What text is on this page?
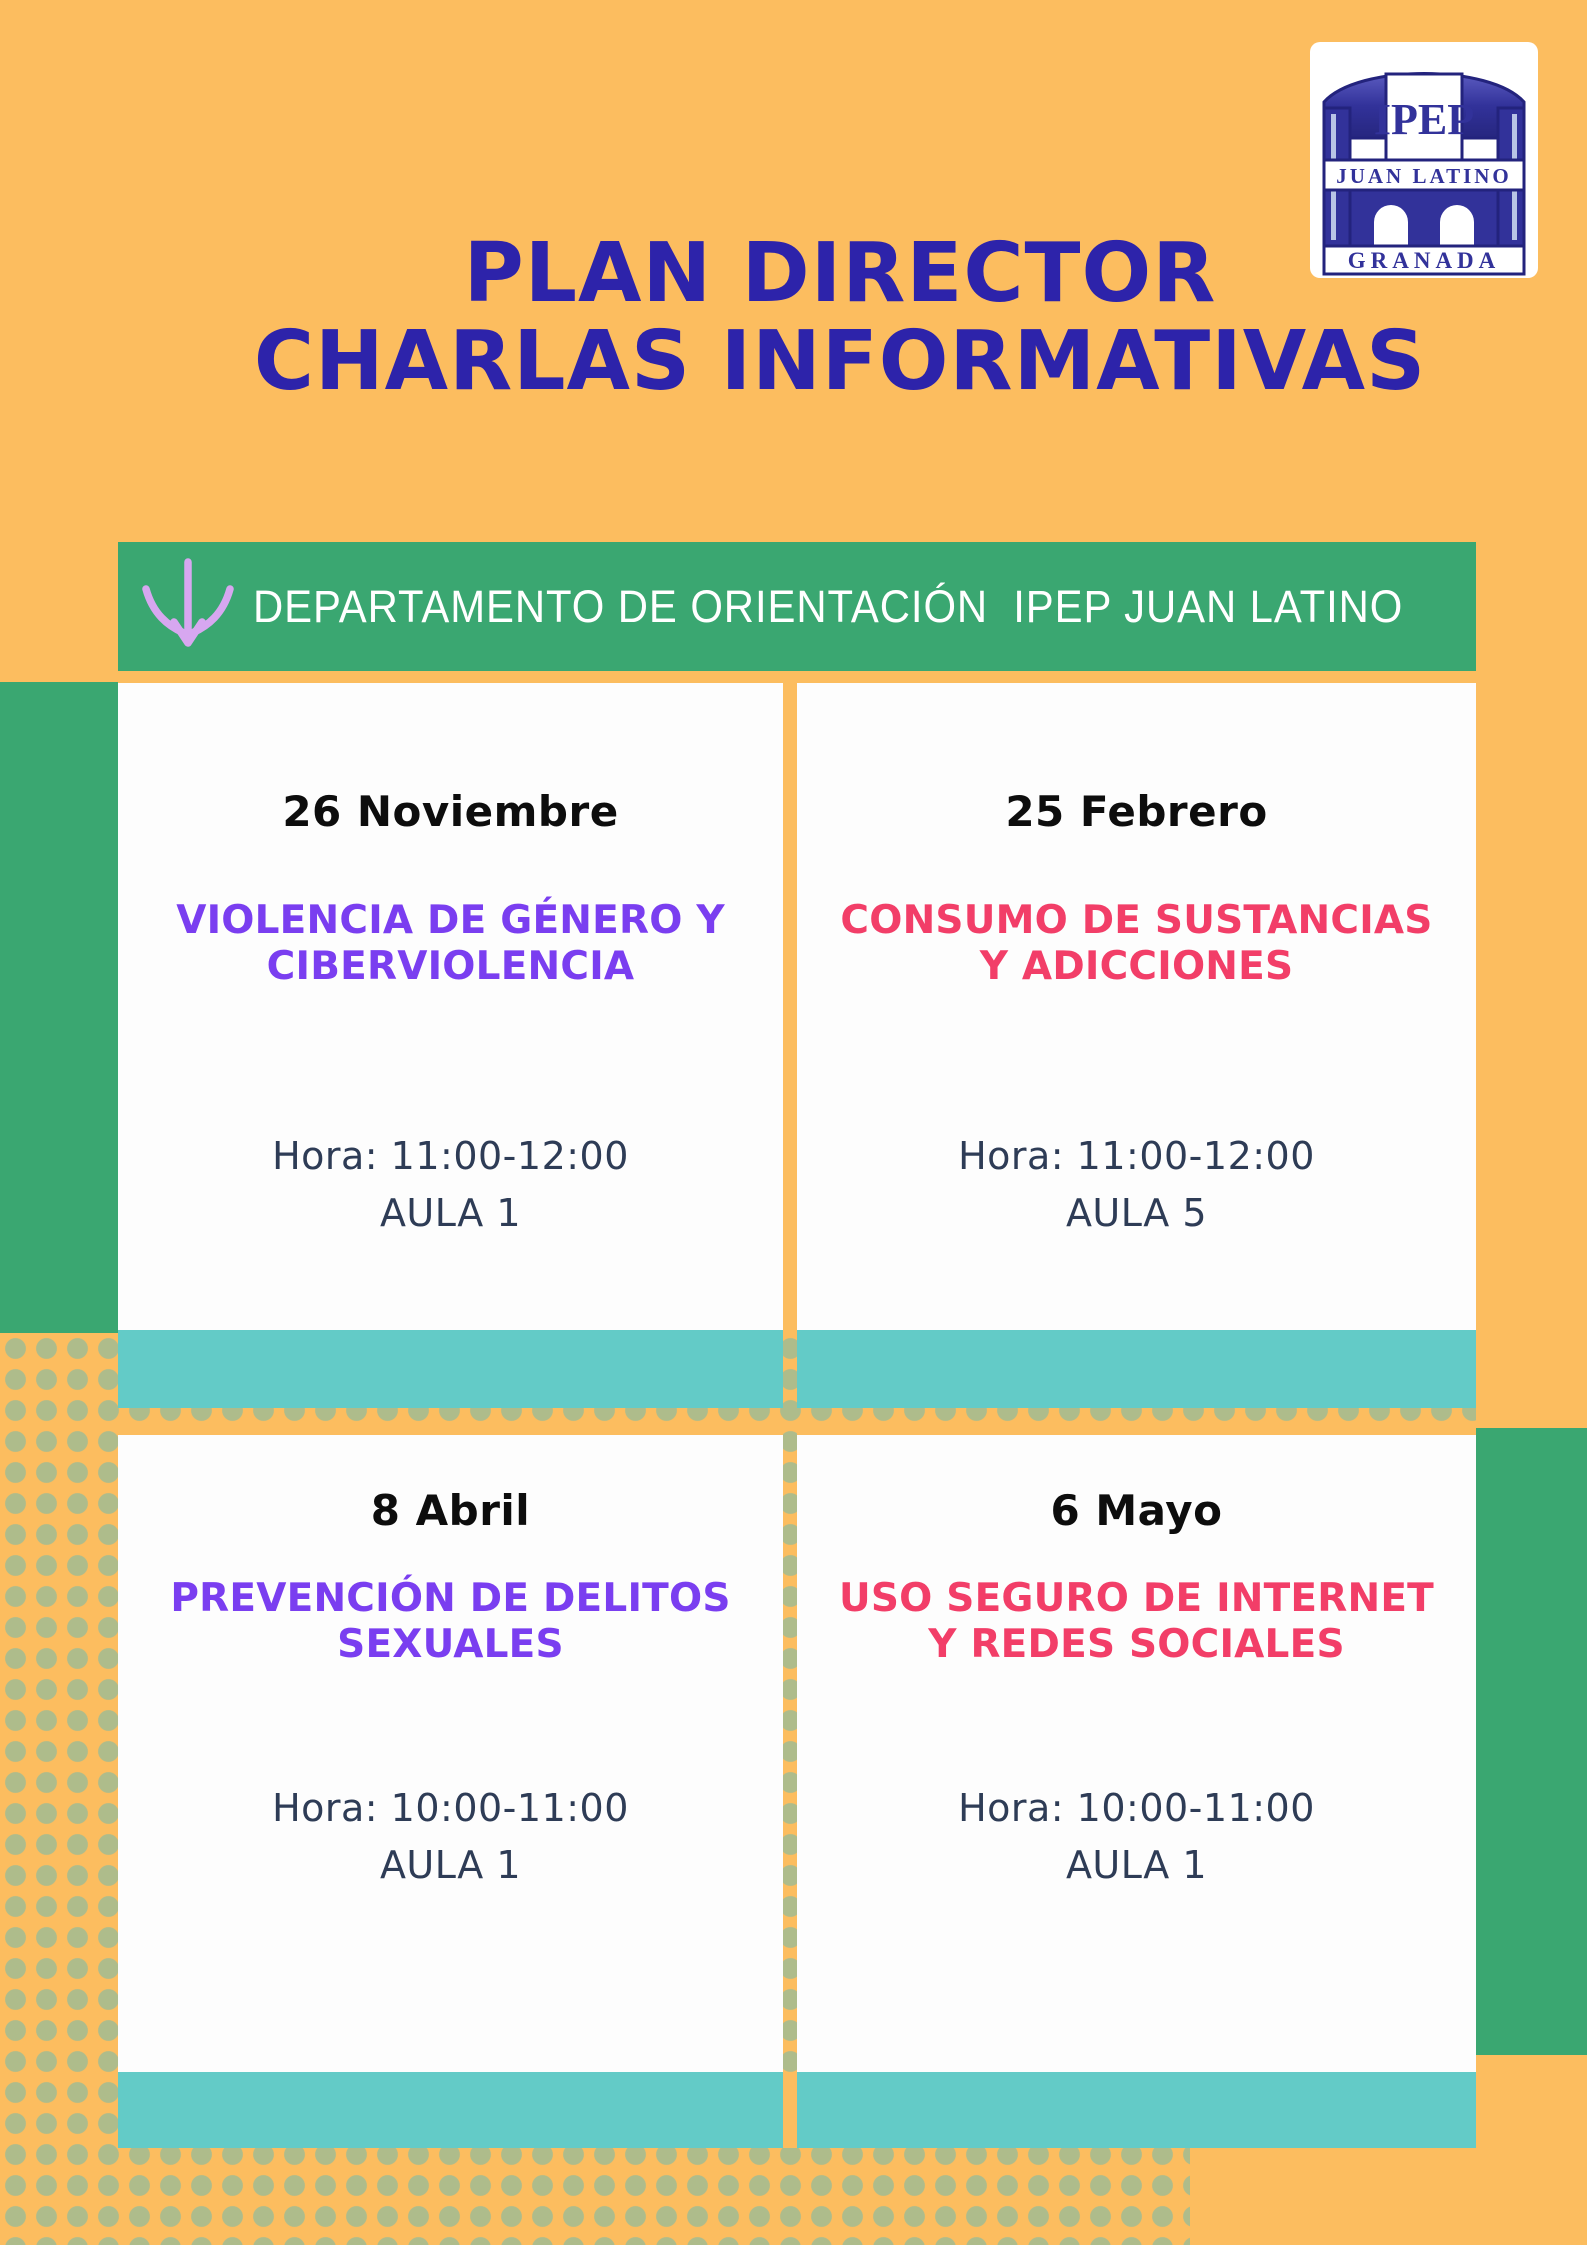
PLAN DIRECTOR
CHARLAS INFORMATIVAS
IPEP
JUAN LATINO
GRANADA
DEPARTAMENTO DE ORIENTACIÓN  IPEP JUAN LATINO
26 Noviembre
VIOLENCIA DE GÉNERO Y
CIBERVIOLENCIA
Hora: 11:00-12:00
AULA 1
25 Febrero
CONSUMO DE SUSTANCIAS
Y ADICCIONES
Hora: 11:00-12:00
AULA 5
8 Abril
PREVENCIÓN DE DELITOS
SEXUALES
Hora: 10:00-11:00
AULA 1
6 Mayo
USO SEGURO DE INTERNET
Y REDES SOCIALES
Hora: 10:00-11:00
AULA 1
